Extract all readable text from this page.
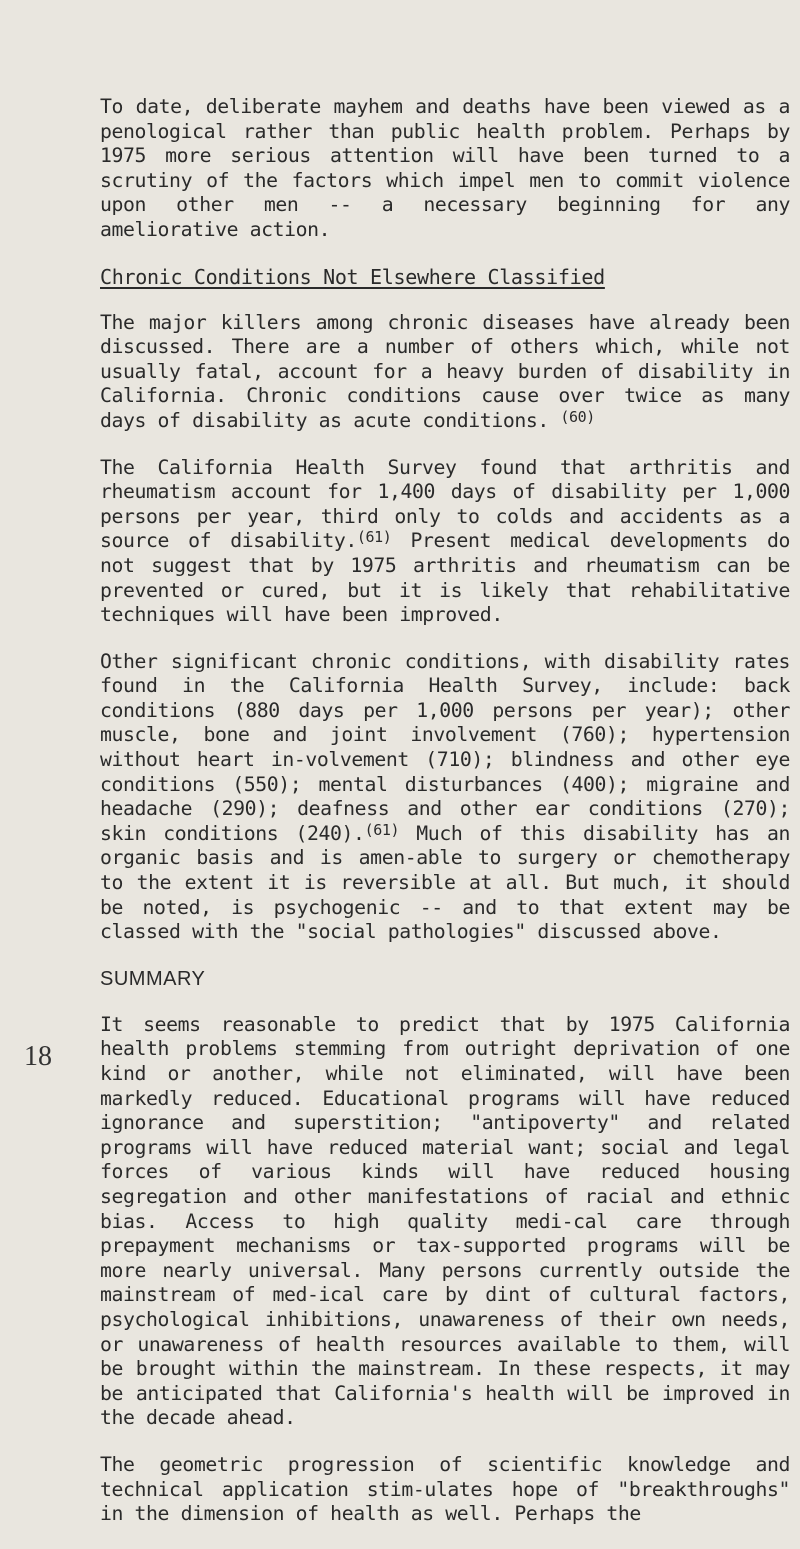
To date, deliberate mayhem and deaths have been viewed as a penological rather than public health problem. Perhaps by 1975 more serious attention will have been turned to a scrutiny of the factors which impel men to commit violence upon other men -- a necessary beginning for any ameliorative action.

Chronic Conditions Not Elsewhere Classified

The major killers among chronic diseases have already been discussed. There are a number of others which, while not usually fatal, account for a heavy burden of disability in California. Chronic conditions cause over twice as many days of disability as acute conditions. $^{(60)}$

The California Health Survey found that arthritis and rheumatism account for 1,400 days of disability per 1,000 persons per year, third only to colds and accidents as a source of disability.$^{(61)}$ Present medical developments do not suggest that by 1975 arthritis and rheumatism can be prevented or cured, but it is likely that rehabilitative techniques will have been improved.

Other significant chronic conditions, with disability rates found in the California Health Survey, include: back conditions (880 days per 1,000 persons per year); other muscle, bone and joint involvement (760); hypertension without heart in-volvement (710); blindness and other eye conditions (550); mental disturbances (400); migraine and headache (290); deafness and other ear conditions (270); skin conditions (240).$^{(61)}$ Much of this disability has an organic basis and is amen-able to surgery or chemotherapy to the extent it is reversible at all. But much, it should be noted, is psychogenic -- and to that extent may be classed with the "social pathologies" discussed above.

SUMMARY

It seems reasonable to predict that by 1975 California health problems stemming from outright deprivation of one kind or another, while not eliminated, will have been markedly reduced. Educational programs will have reduced ignorance and superstition; "antipoverty" and related programs will have reduced material want; social and legal forces of various kinds will have reduced housing segregation and other manifestations of racial and ethnic bias. Access to high quality medi-cal care through prepayment mechanisms or tax-supported programs will be more nearly universal. Many persons currently outside the mainstream of med-ical care by dint of cultural factors, psychological inhibitions, unawareness of their own needs, or unawareness of health resources available to them, will be brought within the mainstream. In these respects, it may be anticipated that California's health will be improved in the decade ahead.

The geometric progression of scientific knowledge and technical application stim-ulates hope of "breakthroughs" in the dimension of health as well. Perhaps the

18
